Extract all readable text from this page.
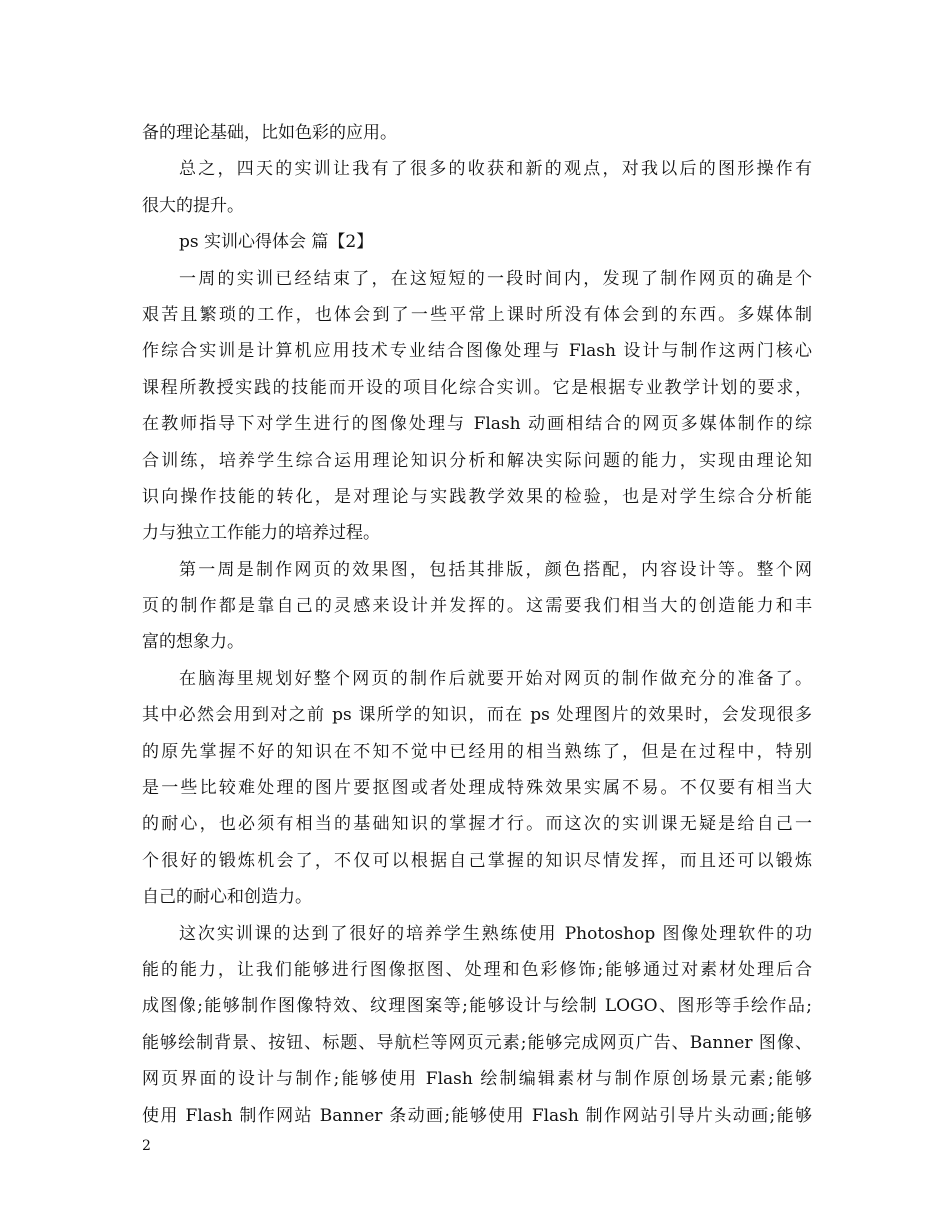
备的理论基础，比如色彩的应用。
总之，四天的实训让我有了很多的收获和新的观点，对我以后的图形操作有
很大的提升。
ps 实训心得体会 篇【2】
一周的实训已经结束了，在这短短的一段时间内，发现了制作网页的确是个
艰苦且繁琐的工作，也体会到了一些平常上课时所没有体会到的东西。多媒体制
作综合实训是计算机应用技术专业结合图像处理与 Flash 设计与制作这两门核心
课程所教授实践的技能而开设的项目化综合实训。它是根据专业教学计划的要求，
在教师指导下对学生进行的图像处理与 Flash 动画相结合的网页多媒体制作的综
合训练，培养学生综合运用理论知识分析和解决实际问题的能力，实现由理论知
识向操作技能的转化，是对理论与实践教学效果的检验，也是对学生综合分析能
力与独立工作能力的培养过程。
第一周是制作网页的效果图，包括其排版，颜色搭配，内容设计等。整个网
页的制作都是靠自己的灵感来设计并发挥的。这需要我们相当大的创造能力和丰
富的想象力。
在脑海里规划好整个网页的制作后就要开始对网页的制作做充分的准备了。
其中必然会用到对之前 ps 课所学的知识，而在 ps 处理图片的效果时，会发现很多
的原先掌握不好的知识在不知不觉中已经用的相当熟练了，但是在过程中，特别
是一些比较难处理的图片要抠图或者处理成特殊效果实属不易。不仅要有相当大
的耐心，也必须有相当的基础知识的掌握才行。而这次的实训课无疑是给自己一
个很好的锻炼机会了，不仅可以根据自己掌握的知识尽情发挥，而且还可以锻炼
自己的耐心和创造力。
这次实训课的达到了很好的培养学生熟练使用 Photoshop 图像处理软件的功
能的能力，让我们能够进行图像抠图、处理和色彩修饰;能够通过对素材处理后合
成图像;能够制作图像特效、纹理图案等;能够设计与绘制 LOGO、图形等手绘作品;
能够绘制背景、按钮、标题、导航栏等网页元素;能够完成网页广告、Banner 图像、
网页界面的设计与制作;能够使用 Flash 绘制编辑素材与制作原创场景元素;能够
使用 Flash 制作网站 Banner 条动画;能够使用 Flash 制作网站引导片头动画;能够
2
